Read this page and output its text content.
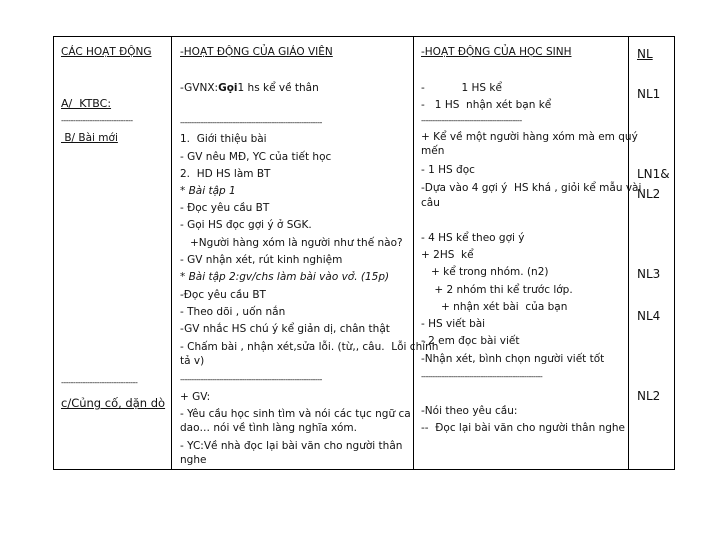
CÁC HOẠT ĐỘNG
A/  KTBC:
------------------------------
B/ Bài mới
--------------------------------
c/Củng cố, dặn dò
-HOẠT ĐỘNG CỦA GIÁO VIÊN
-GVNX:Gọi1 hs kể về thân
--------------------------------------------------------------
1.  Giới thiệu bài
- GV nêu MĐ, YC của tiết học
2.  HD HS làm BT
* Bài tập 1
- Đọc yêu cầu BT
- Gọi HS đọc gợi ý ở SGK.
+Người hàng xóm là người như thế nào?
- GV nhận xét, rút kinh nghiệm
* Bài tập 2:gv/chs làm bài vào vở. (15p)
-Đọc yêu cầu BT
- Theo dõi , uốn nắn
-GV nhắc HS chú ý kể giản dị, chân thật
- Chấm bài , nhận xét,sửa lỗi. (từ,, câu.  Lỗi chính
tả v)
--------------------------------------------------------------
+ GV:
- Yêu cầu học sinh tìm và nói các tục ngữ ca
dao… nói về tình làng nghĩa xóm.
- YC:Về nhà đọc lại bài văn cho người thân
nghe
-HOẠT ĐỘNG CỦA HỌC SINH
-           1 HS kể
-   1 HS  nhận xét bạn kể
--------------------------------------------
+ Kể về một người hàng xóm mà em quý
mến
- 1 HS đọc
-Dựa vào 4 gợi ý  HS khá , giỏi kể mẫu vài
câu
- 4 HS kể theo gợi ý
+ 2HS  kể
+ kể trong nhóm. (n2)
+ 2 nhóm thi kể trước lớp.
+ nhận xét bài  của bạn
- HS viết bài
- 2 em đọc bài viết
-Nhận xét, bình chọn người viết tốt
-----------------------------------------------------
-Nói theo yêu cầu:
--  Đọc lại bài văn cho người thân nghe
NL
NL1
LN1&
NL2
NL3
NL4
NL2
